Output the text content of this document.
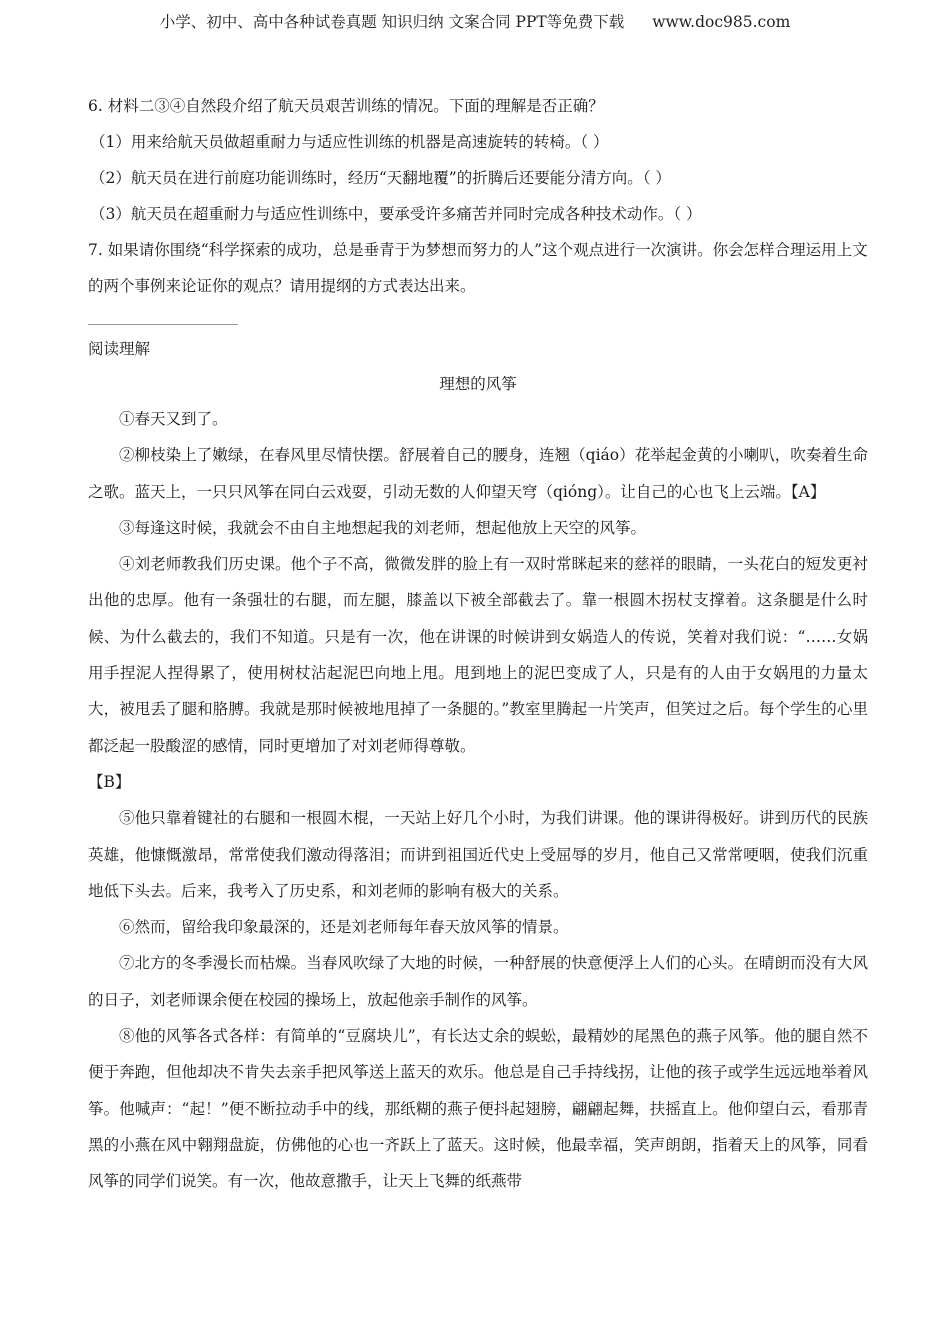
小学、初中、高中各种试卷真题 知识归纳 文案合同 PPT等免费下载 www.doc985.com

6. 材料二③④自然段介绍了航天员艰苦训练的情况。下面的理解是否正确？

（1）用来给航天员做超重耐力与适应性训练的机器是高速旋转的转椅。（ ）

（2）航天员在进行前庭功能训练时，经历“天翻地覆”的折腾后还要能分清方向。（ ）

（3）航天员在超重耐力与适应性训练中，要承受许多痛苦并同时完成各种技术动作。（ ）

7. 如果请你围绕“科学探索的成功，总是垂青于为梦想而努力的人”这个观点进行一次演讲。你会怎样合理运用上文的两个事例来论证你的观点？请用提纲的方式表达出来。

阅读理解

理想的风筝

①春天又到了。

②柳枝染上了嫩绿，在春风里尽情快摆。舒展着自己的腰身，连翘（qiáo）花举起金黄的小喇叭，吹奏着生命之歌。蓝天上，一只只风筝在同白云戏耍，引动无数的人仰望天穹（qióng）。让自己的心也飞上云端。【A】

③每逢这时候，我就会不由自主地想起我的刘老师，想起他放上天空的风筝。

④刘老师教我们历史课。他个子不高，微微发胖的脸上有一双时常眯起来的慈祥的眼睛，一头花白的短发更衬出他的忠厚。他有一条强壮的右腿，而左腿，膝盖以下被全部截去了。靠一根圆木拐杖支撑着。这条腿是什么时候、为什么截去的，我们不知道。只是有一次，他在讲课的时候讲到女娲造人的传说，笑着对我们说：“……女娲用手捏泥人捏得累了，使用树杖沾起泥巴向地上甩。甩到地上的泥巴变成了人，只是有的人由于女娲甩的力量太大，被甩丢了腿和胳膊。我就是那时候被地甩掉了一条腿的。”教室里腾起一片笑声，但笑过之后。每个学生的心里都泛起一股酸涩的感情，同时更增加了对刘老师得尊敬。

【B】

⑤他只靠着键社的右腿和一根圆木棍，一天站上好几个小时，为我们讲课。他的课讲得极好。讲到历代的民族英雄，他慷慨激昂，常常使我们激动得落泪；而讲到祖国近代史上受屈辱的岁月，他自己又常常哽咽，使我们沉重地低下头去。后来，我考入了历史系，和刘老师的影响有极大的关系。

⑥然而，留给我印象最深的，还是刘老师每年春天放风筝的情景。

⑦北方的冬季漫长而枯燥。当春风吹绿了大地的时候，一种舒展的快意便浮上人们的心头。在晴朗而没有大风的日子，刘老师课余便在校园的操场上，放起他亲手制作的风筝。

⑧他的风筝各式各样：有简单的“豆腐块儿”，有长达丈余的蜈蚣，最精妙的尾黑色的燕子风筝。他的腿自然不便于奔跑，但他却决不肯失去亲手把风筝送上蓝天的欢乐。他总是自己手持线拐，让他的孩子或学生远远地举着风筝。他喊声：“起！”便不断拉动手中的线，那纸糊的燕子便抖起翅膀，翩翩起舞，扶摇直上。他仰望白云，看那青黑的小燕在风中翱翔盘旋，仿佛他的心也一齐跃上了蓝天。这时候，他最幸福，笑声朗朗，指着天上的风筝，同看风筝的同学们说笑。有一次，他故意撒手，让天上飞舞的纸燕带
